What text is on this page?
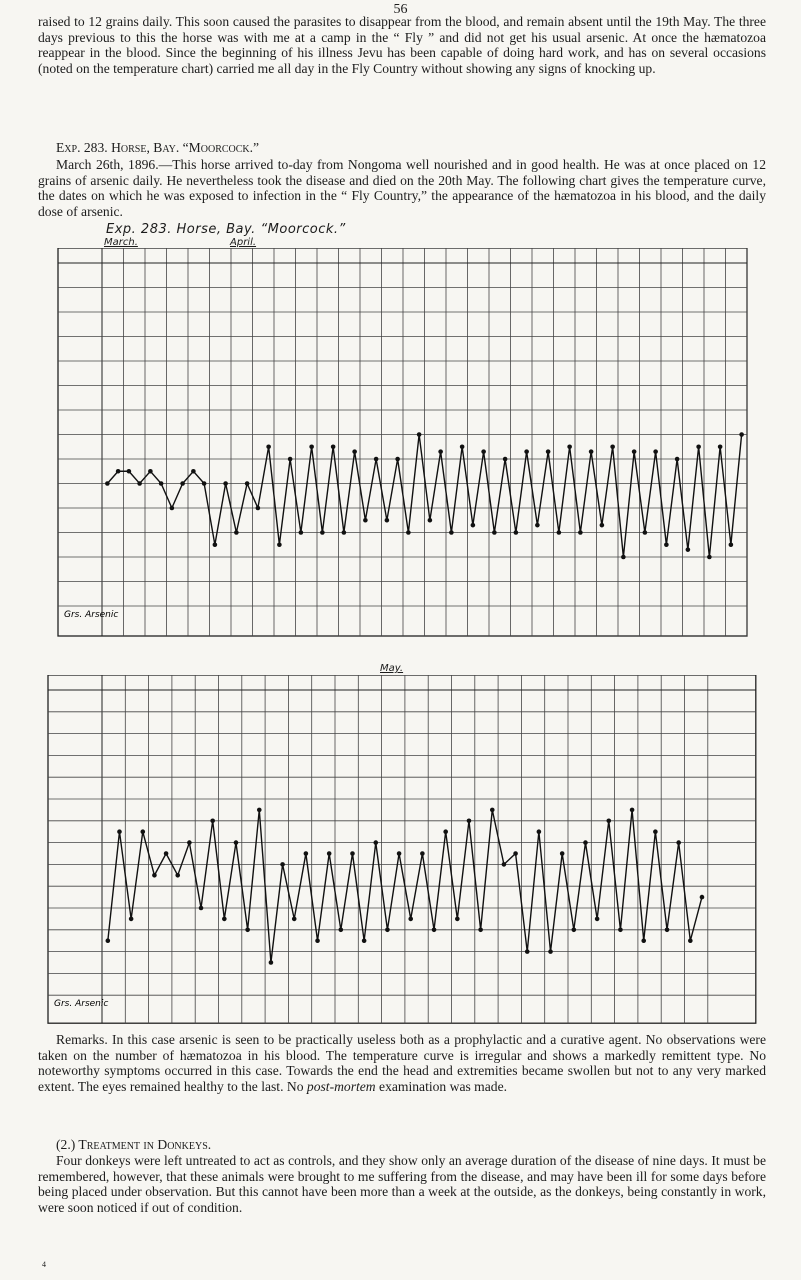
56

raised to 12 grains daily. This soon caused the parasites to disappear from the blood, and remain absent until the 19th May. The three days previous to this the horse was with me at a camp in the “ Fly ” and did not get his usual arsenic. At once the hæmatozoa reappear in the blood. Since the beginning of his illness Jevu has been capable of doing hard work, and has on several occasions (noted on the temperature chart) carried me all day in the Fly Country without showing any signs of knocking up.

Exp. 283. Horse, Bay. “Moorcock.”

March 26th, 1896.—This horse arrived to-day from Nongoma well nourished and in good health. He was at once placed on 12 grains of arsenic daily. He nevertheless took the disease and died on the 20th May. The following chart gives the temperature curve, the dates on which he was exposed to infection in the “ Fly Country,” the appearance of the hæmatozoa in his blood, and the daily dose of arsenic.

Exp. 283. Horse, Bay. “Moorcock.”
March.	April.
Grs. Arsenic
May.
Grs. Arsenic

Remarks. In this case arsenic is seen to be practically useless both as a prophylactic and a curative agent. No observations were taken on the number of hæmatozoa in his blood. The temperature curve is irregular and shows a markedly remittent type. No noteworthy symptoms occurred in this case. Towards the end the head and extremities became swollen but not to any very marked extent. The eyes remained healthy to the last. No post-mortem examination was made.

(2.) Treatment in Donkeys.

Four donkeys were left untreated to act as controls, and they show only an average duration of the disease of nine days. It must be remembered, however, that these animals were brought to me suffering from the disease, and may have been ill for some days before being placed under observation. But this cannot have been more than a week at the outside, as the donkeys, being constantly in work, were soon noticed if out of condition.

4
